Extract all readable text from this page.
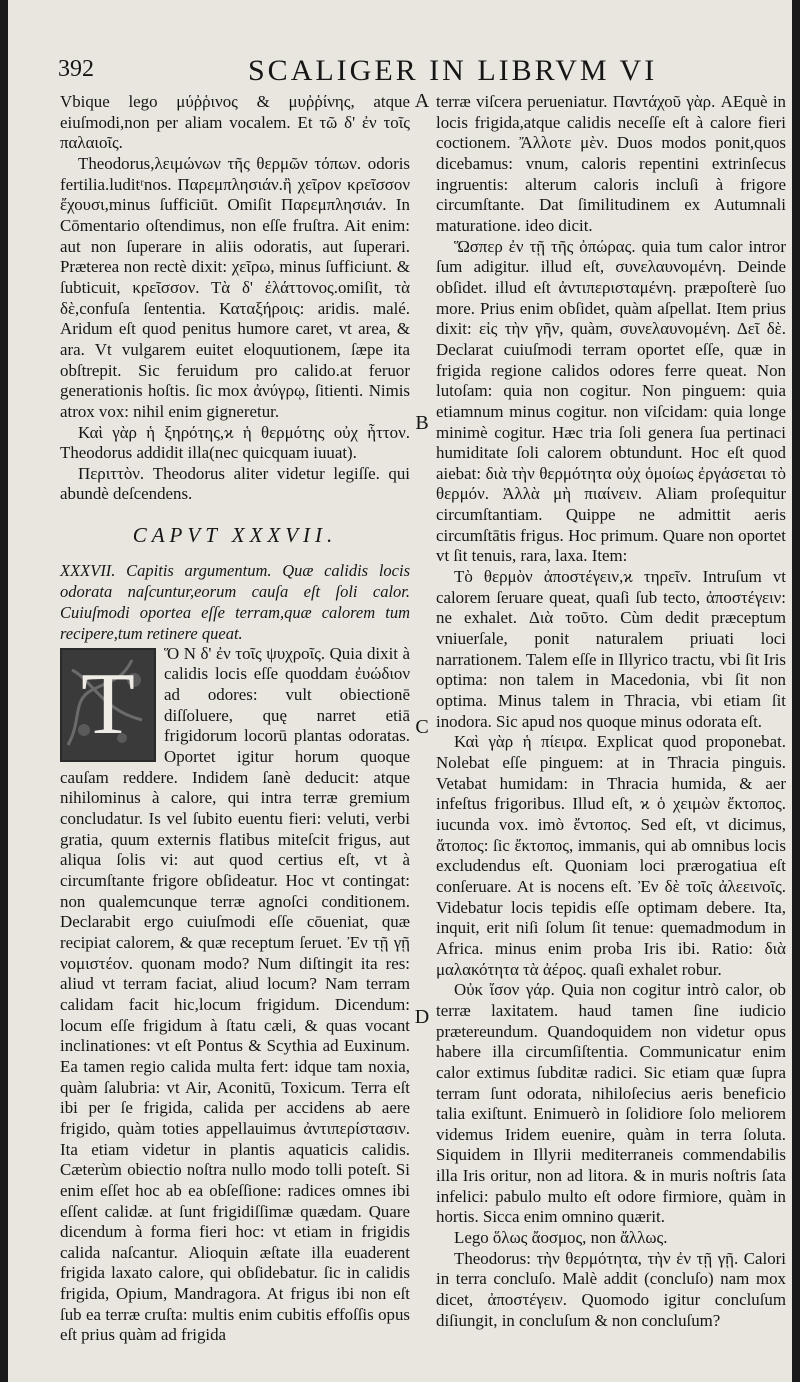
392	SCALIGER IN LIBRVM VI

Vbique lego μύῤῥινος & μυῤῥίνης, atque eiuſmodi,non per aliam vocalem. Et τῶ δ' ἐν τοῖς παλαιοῖς.

Theodorus,λειμώνων τῆς θερμῶν τόπων. odoris fertilia.luditʳnos. Παρεμπλησιάν.ἢ χεῖρον κρεῖσσον ἔχουσι,minus ſufficiūt. Omiſit Παρεμπλησιάν. In Cōmentario oſtendimus, non eſſe fruſtra. Ait enim: aut non ſuperare in aliis odoratis, aut ſuperari. Præterea non rectè dixit: χεῖρω, minus ſufficiunt. & ſubticuit, κρεῖσσον. Τὰ δ' ἐλάττονος.omiſit, τὰ δὲ,confuſa ſententia. Καταξήροις: aridis. malé. Aridum eſt quod penitus humore caret, vt area, & ara. Vt vulgarem euitet eloquutionem, ſæpe ita obſtrepit. Sic feruidum pro calido.at feruor generationis hoſtis. ſic mox ἀνύγρῳ, ſitienti. Nimis atrox vox: nihil enim gigneretur.

Καὶ γὰρ ἡ ξηρότης,ϰ ἡ θερμότης οὐχ ἧττον. Theodorus addidit illa(nec quicquam iuuat).

Περιττὸν. Theodorus aliter videtur legiſſe. qui abundè deſcendens.

CAPVT XXXVII.

XXXVII. Capitis argumentum. Quæ calidis locis odorata naſcuntur,eorum cauſa eſt ſoli calor. Cuiuſmodi oportea eſſe terram,quæ calorem tum recipere,tum retinere queat.

T

Ὅ Ν δ' ἐν τοῖς ψυχροῖς. Quia dixit à calidis locis eſſe quoddam ἐυώδιον ad odores: vult obiectionē diſſoluere, quę narret etiā frigidorum locorū plantas odoratas. Oportet igitur horum quoque cauſam reddere. Indidem ſanè deducit: atque nihilominus à calore, qui intra terræ gremium concludatur. Is vel ſubito euentu fieri: veluti, verbi gratia, quum externis flatibus miteſcit frigus, aut aliqua ſolis vi: aut quod certius eſt, vt à circumſtante frigore obſideatur. Hoc vt contingat: non qualemcunque terræ agnoſci conditionem. Declarabit ergo cuiuſmodi eſſe cōueniat, quæ recipiat calorem, & quæ receptum ſeruet. Ἐν τῇ γῇ νομιστέον. quonam modo? Num diſtingit ita res: aliud vt terram faciat, aliud locum? Nam terram calidam facit hic,locum frigidum. Dicendum: locum eſſe frigidum à ſtatu cæli, & quas vocant inclinationes: vt eſt Pontus & Scythia ad Euxinum. Ea tamen regio calida multa fert: idque tam noxia, quàm ſalubria: vt Air, Aconitū, Toxicum. Terra eſt ibi per ſe frigida, calida per accidens ab aere frigido, quàm toties appellauimus ἀντιπερίστασιν. Ita etiam videtur in plantis aquaticis calidis. Cæterùm obiectio noſtra nullo modo tolli poteſt. Si enim eſſet hoc ab ea obſeſſione: radices omnes ibi eſſent calidæ. at ſunt frigidiſſimæ quædam. Quare dicendum à forma fieri hoc: vt etiam in frigidis calida naſcantur. Alioquin æſtate illa euaderent frigida laxato calore, qui obſidebatur. ſic in calidis frigida, Opium, Mandragora. At frigus ibi non eſt ſub ea terræ cruſta: multis enim cubitis effoſſis opus eſt prius quàm ad frigida

A
B
C
D

terræ viſcera perueniatur. Παντάχοῦ γὰρ. AEquè in locis frigida,atque calidis neceſſe eſt à calore fieri coctionem. Ἄλλοτε μὲν. Duos modos ponit,quos dicebamus: vnum, caloris repentini extrinſecus ingruentis: alterum caloris incluſi à frigore circumſtante. Dat ſimilitudinem ex Autumnali maturatione. ideo dicit.

Ὥσπερ ἐν τῇ τῆς ὀπώρας. quia tum calor intror ſum adigitur. illud eſt, συνελαυνομένη. Deinde obſidet. illud eſt ἀντιπερισταμένη. præpoſterè ſuo more. Prius enim obſidet, quàm aſpellat. Item prius dixit: εἰς τὴν γῆν, quàm, συνελαυνομένη. Δεῖ δὲ. Declarat cuiuſmodi terram oportet eſſe, quæ in frigida regione calidos odores ferre queat. Non lutoſam: quia non cogitur. Non pinguem: quia etiamnum minus cogitur. non viſcidam: quia longe minimè cogitur. Hæc tria ſoli genera ſua pertinaci humiditate ſoli calorem obtundunt. Hoc eſt quod aiebat: διὰ τὴν θερμότητα οὐχ ὁμοίως ἐργάσεται τὸ θερμόν. Ἀλλὰ μὴ πιαίνειν. Aliam proſequitur circumſtantiam. Quippe ne admittit aeris circumſtātis frigus. Hoc primum. Quare non oportet vt ſit tenuis, rara, laxa. Item:

Τὸ θερμὸν ἀποστέγειν,ϰ τηρεῖν. Intruſum vt calorem ſeruare queat, quaſi ſub tecto, ἀποστέγειν: ne exhalet. Διὰ τοῦτο. Cùm dedit præceptum vniuerſale, ponit naturalem priuati loci narrationem. Talem eſſe in Illyrico tractu, vbi ſit Iris optima: non talem in Macedonia, vbi ſit non optima. Minus talem in Thracia, vbi etiam ſit inodora. Sic apud nos quoque minus odorata eſt.

Καὶ γὰρ ἡ πίειρα. Explicat quod proponebat. Nolebat eſſe pinguem: at in Thracia pinguis. Vetabat humidam: in Thracia humida, & aer infeſtus frigoribus. Illud eſt, ϰ ὁ χειμὼν ἔκτοπος. iucunda vox. imò ἔντοπος. Sed eſt, vt dicimus, ἄτοπος: ſic ἔκτοπος, immanis, qui ab omnibus locis excludendus eſt. Quoniam loci prærogatiua eſt conſeruare. At is nocens eſt. Ἐν δὲ τοῖς ἀλεεινοῖς. Videbatur locis tepidis eſſe optimam debere. Ita, inquit, erit niſi ſolum ſit tenue: quemadmodum in Africa. minus enim proba Iris ibi. Ratio: διὰ μαλακότητα τὰ ἀέρος. quaſi exhalet robur.

Οὐκ ἴσον γάρ. Quia non cogitur intrò calor, ob terræ laxitatem. haud tamen ſine iudicio prætereundum. Quandoquidem non videtur opus habere illa circumſiſtentia. Communicatur enim calor extimus ſubditæ radici. Sic etiam quæ ſupra terram ſunt odorata, nihiloſecius aeris beneficio talia exiſtunt. Enimuerò in ſolidiore ſolo meliorem videmus Iridem euenire, quàm in terra ſoluta. Siquidem in Illyrii mediterraneis commendabilis illa Iris oritur, non ad litora. & in muris noſtris ſata infelici: pabulo multo eſt odore firmiore, quàm in hortis. Sicca enim omnino quærit.

Lego ὅλως ἄοσμος, non ἄλλως.

Theodorus: τὴν θερμότητα, τὴν ἐν τῇ γῇ. Calori in terra concluſo. Malè addit (concluſo) nam mox dicet, ἀποστέγειν. Quomodo igitur concluſum diſiungit, in concluſum & non concluſum?
